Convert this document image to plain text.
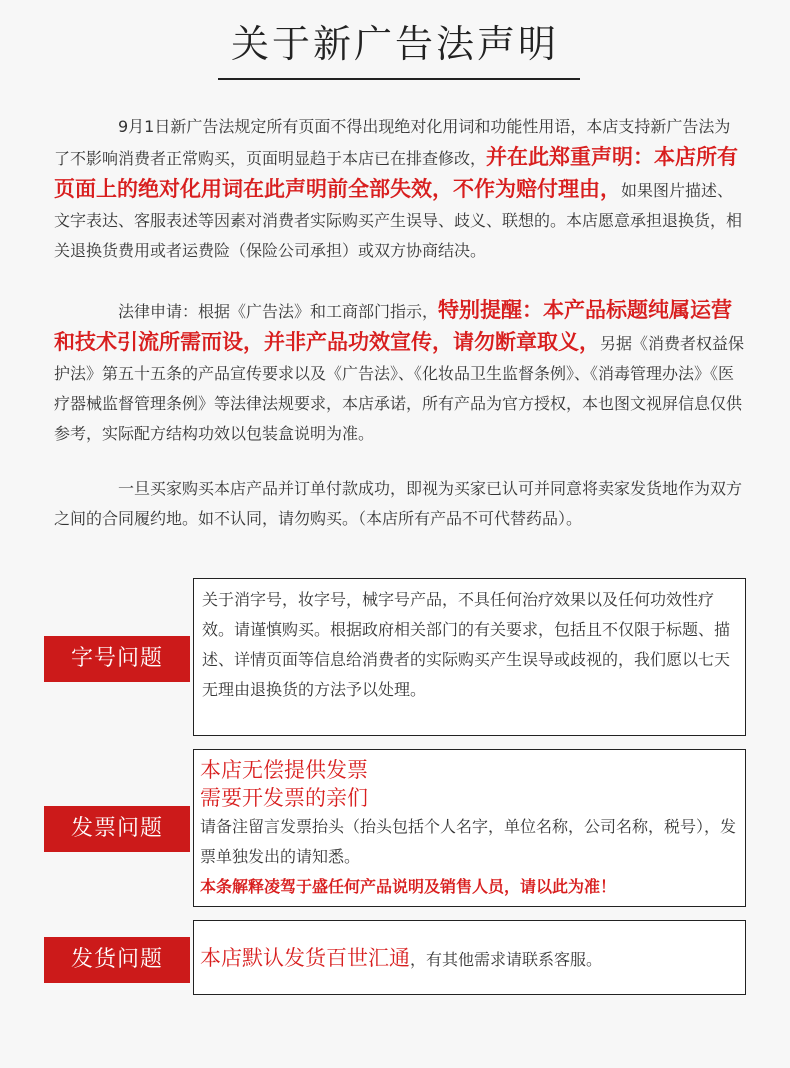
关于新广告法声明
9月1日新广告法规定所有页面不得出现绝对化用词和功能性用语，本店支持新广告法为了不影响消费者正常购买，页面明显趋于本店已在排查修改，并在此郑重声明：本店所有页面上的绝对化用词在此声明前全部失效，不作为赔付理由，如果图片描述、文字表达、客服表述等因素对消费者实际购买产生误导、歧义、联想的。本店愿意承担退换货，相关退换货费用或者运费险（保险公司承担）或双方协商结决。
法律申请：根据《广告法》和工商部门指示，特别提醒：本产品标题纯属运营和技术引流所需而设，并非产品功效宣传，请勿断章取义，另据《消费者权益保护法》第五十五条的产品宣传要求以及《广告法》、《化妆品卫生监督条例》、《消毒管理办法》《医疗器械监督管理条例》等法律法规要求，本店承诺，所有产品为官方授权，本也图文视屏信息仅供参考，实际配方结构功效以包装盒说明为准。
一旦买家购买本店产品并订单付款成功，即视为买家已认可并同意将卖家发货地作为双方之间的合同履约地。如不认同，请勿购买。（本店所有产品不可代替药品）。
关于消字号，妆字号，械字号产品，不具任何治疗效果以及任何功效性疗效。请谨慎购买。根据政府相关部门的有关要求，包括且不仅限于标题、描述、详情页面等信息给消费者的实际购买产生误导或歧视的，我们愿以七天无理由退换货的方法予以处理。
字号问题
本店无偿提供发票
需要开发票的亲们
请备注留言发票抬头（抬头包括个人名字，单位名称，公司名称，税号），发票单独发出的请知悉。
本条解释凌驾于盛任何产品说明及销售人员，请以此为准！
发票问题
本店默认发货百世汇通，有其他需求请联系客服。
发货问题
